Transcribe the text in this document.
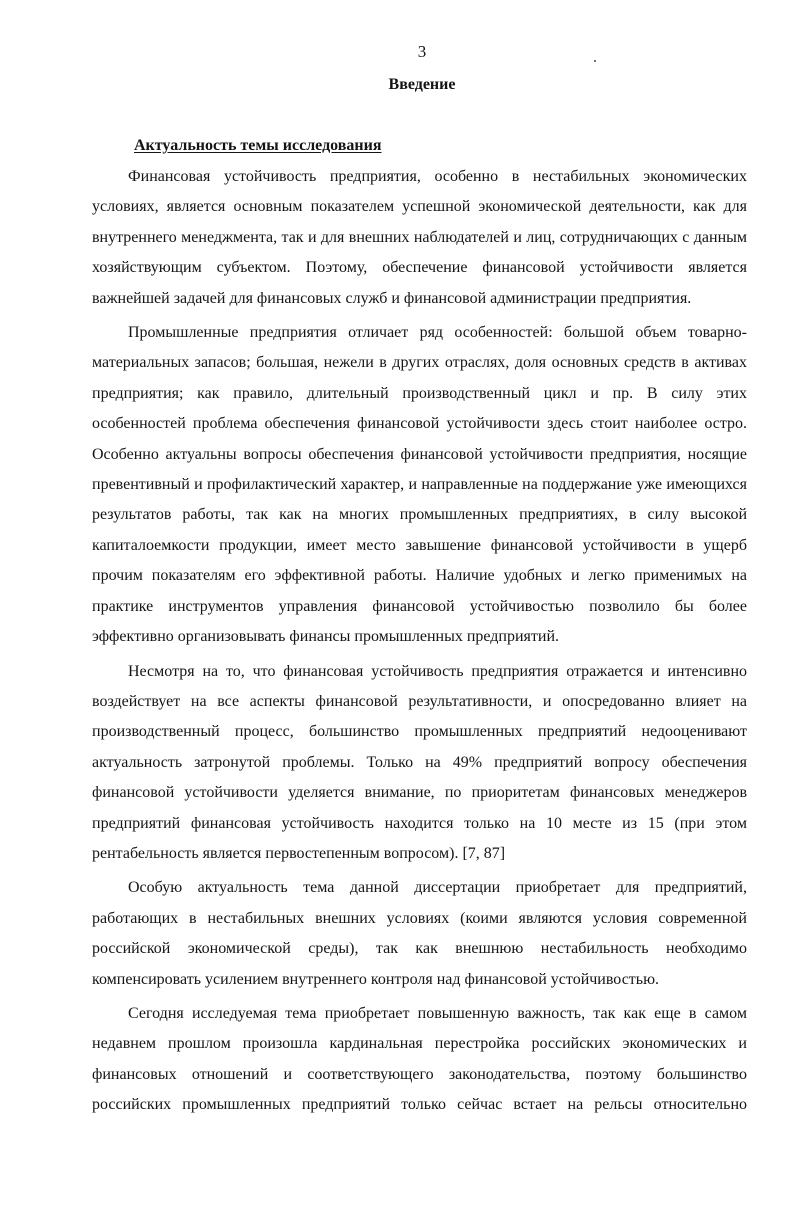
3
Введение
Актуальность темы исследования

Финансовая устойчивость предприятия, особенно в нестабильных экономических условиях, является основным показателем успешной экономической деятельности, как для внутреннего менеджмента, так и для внешних наблюдателей и лиц, сотрудничающих с данным хозяйствующим субъектом. Поэтому, обеспечение финансовой устойчивости является важнейшей задачей для финансовых служб и финансовой администрации предприятия.

Промышленные предприятия отличает ряд особенностей: большой объем товарно-материальных запасов; большая, нежели в других отраслях, доля основных средств в активах предприятия; как правило, длительный производственный цикл и пр. В силу этих особенностей проблема обеспечения финансовой устойчивости здесь стоит наиболее остро. Особенно актуальны вопросы обеспечения финансовой устойчивости предприятия, носящие превентивный и профилактический характер, и направленные на поддержание уже имеющихся результатов работы, так как на многих промышленных предприятиях, в силу высокой капиталоемкости продукции, имеет место завышение финансовой устойчивости в ущерб прочим показателям его эффективной работы. Наличие удобных и легко применимых на практике инструментов управления финансовой устойчивостью позволило бы более эффективно организовывать финансы промышленных предприятий.

Несмотря на то, что финансовая устойчивость предприятия отражается и интенсивно воздействует на все аспекты финансовой результативности, и опосредованно влияет на производственный процесс, большинство промышленных предприятий недооценивают актуальность затронутой проблемы. Только на 49% предприятий вопросу обеспечения финансовой устойчивости уделяется внимание, по приоритетам финансовых менеджеров предприятий финансовая устойчивость находится только на 10 месте из 15 (при этом рентабельность является первостепенным вопросом). [7, 87]

Особую актуальность тема данной диссертации приобретает для предприятий, работающих в нестабильных внешних условиях (коими являются условия современной российской экономической среды), так как внешнюю нестабильность необходимо компенсировать усилением внутреннего контроля над финансовой устойчивостью.

Сегодня исследуемая тема приобретает повышенную важность, так как еще в самом недавнем прошлом произошла кардинальная перестройка российских экономических и финансовых отношений и соответствующего законодательства, поэтому большинство российских промышленных предприятий только сейчас встает на рельсы относительно
